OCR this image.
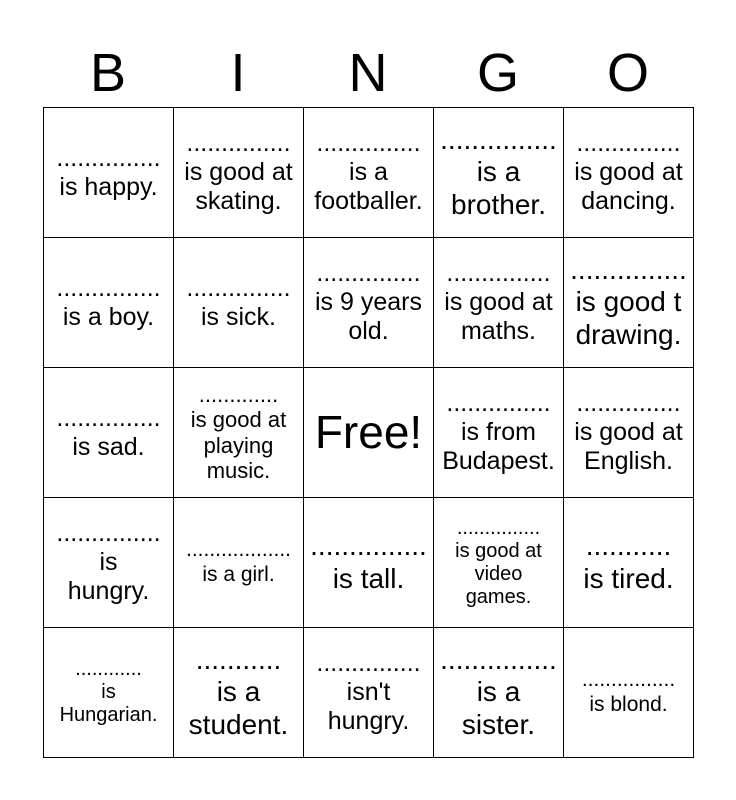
B	I	N	G	O
...............
is happy.
...............
is good at
skating.
...............
is a
footballer.
...............
is a
brother.
...............
is good at
dancing.
...............
is a boy.
...............
is sick.
...............
is 9 years
old.
...............
is good at
maths.
...............
is good t
drawing.
...............
is sad.
.............
is good at
playing
music.
Free!
...............
is from
Budapest.
...............
is good at
English.
...............
is
hungry.
..................
is a girl.
...............
is tall.
...............
is good at
video
games.
...........
is tired.
............
is
Hungarian.
...........
is a
student.
...............
isn't
hungry.
...............
is a
sister.
................
is blond.
